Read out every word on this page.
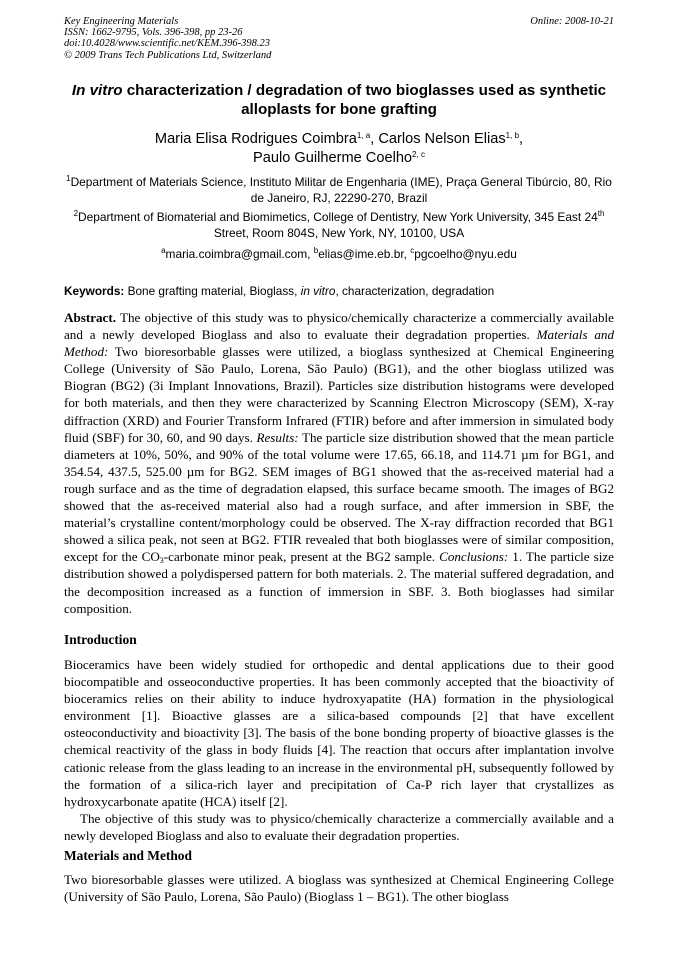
Key Engineering Materials
ISSN: 1662-9795, Vols. 396-398, pp 23-26
doi:10.4028/www.scientific.net/KEM.396-398.23
© 2009 Trans Tech Publications Ltd, Switzerland
Online: 2008-10-21
In vitro characterization / degradation of two bioglasses used as synthetic alloplasts for bone grafting
Maria Elisa Rodrigues Coimbra$^{1, a}$, Carlos Nelson Elias$^{1, b}$,
Paulo Guilherme Coelho$^{2, c}$
$^1$Department of Materials Science, Instituto Militar de Engenharia (IME), Praça General Tibúrcio, 80, Rio de Janeiro, RJ, 22290-270, Brazil
$^2$Department of Biomaterial and Biomimetics, College of Dentistry, New York University, 345 East 24th Street, Room 804S, New York, NY, 10100, USA
$^a$maria.coimbra@gmail.com, $^b$elias@ime.eb.br, $^c$pgcoelho@nyu.edu
Keywords: Bone grafting material, Bioglass, in vitro, characterization, degradation
Abstract. The objective of this study was to physico/chemically characterize a commercially available and a newly developed Bioglass and also to evaluate their degradation properties. Materials and Method: Two bioresorbable glasses were utilized, a bioglass synthesized at Chemical Engineering College (University of São Paulo, Lorena, São Paulo) (BG1), and the other bioglass utilized was Biogran (BG2) (3i Implant Innovations, Brazil). Particles size distribution histograms were developed for both materials, and then they were characterized by Scanning Electron Microscopy (SEM), X-ray diffraction (XRD) and Fourier Transform Infrared (FTIR) before and after immersion in simulated body fluid (SBF) for 30, 60, and 90 days. Results: The particle size distribution showed that the mean particle diameters at 10%, 50%, and 90% of the total volume were 17.65, 66.18, and 114.71 µm for BG1, and 354.54, 437.5, 525.00 µm for BG2. SEM images of BG1 showed that the as-received material had a rough surface and as the time of degradation elapsed, this surface became smooth. The images of BG2 showed that the as-received material also had a rough surface, and after immersion in SBF, the material’s crystalline content/morphology could be observed. The X-ray diffraction recorded that BG1 showed a silica peak, not seen at BG2. FTIR revealed that both bioglasses were of similar composition, except for the $CO_3$-carbonate minor peak, present at the BG2 sample. Conclusions: 1. The particle size distribution showed a polydispersed pattern for both materials. 2. The material suffered degradation, and the decomposition increased as a function of immersion in SBF. 3. Both bioglasses had similar composition.
Introduction

Bioceramics have been widely studied for orthopedic and dental applications due to their good biocompatible and osseoconductive properties. It has been commonly accepted that the bioactivity of bioceramics relies on their ability to induce hydroxyapatite (HA) formation in the physiological environment [1]. Bioactive glasses are a silica-based compounds [2] that have excellent osteoconductivity and bioactivity [3]. The basis of the bone bonding property of bioactive glasses is the chemical reactivity of the glass in body fluids [4]. The reaction that occurs after implantation involve cationic release from the glass leading to an increase in the environmental pH, subsequently followed by the formation of a silica-rich layer and precipitation of Ca-P rich layer that crystallizes as hydroxycarbonate apatite (HCA) itself [2].

The objective of this study was to physico/chemically characterize a commercially available and a newly developed Bioglass and also to evaluate their degradation properties.

Materials and Method

Two bioresorbable glasses were utilized. A bioglass was synthesized at Chemical Engineering College (University of São Paulo, Lorena, São Paulo) (Bioglass 1 – BG1). The other bioglass
